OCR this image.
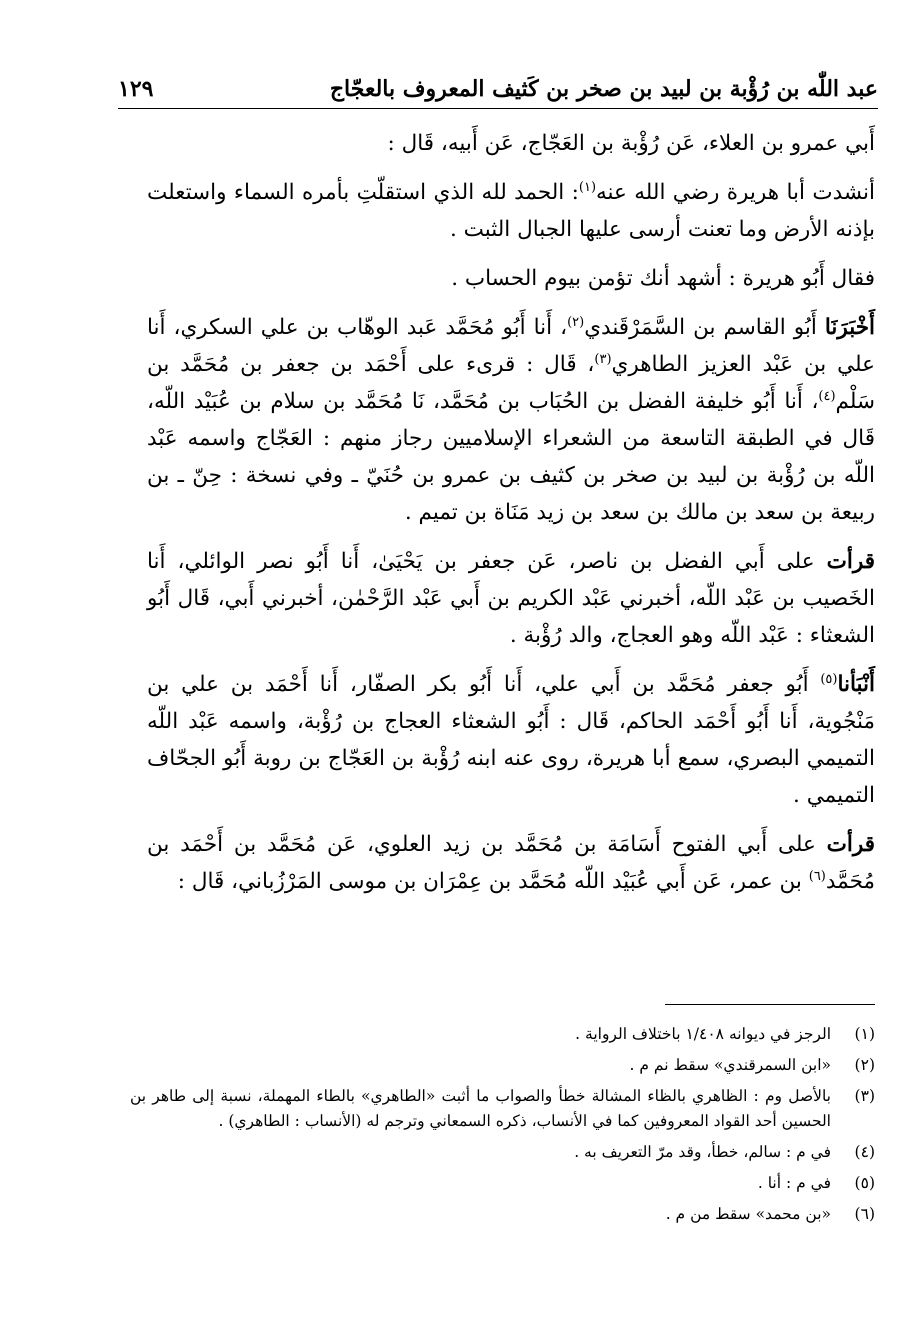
عبد اللّٰه بن رُؤْبة بن لبيد بن صخر بن كَثيف المعروف بالعجّاج
١٢٩

أَبي عمرو بن العلاء، عَن رُؤْبة بن العَجّاج، عَن أَبيه، قَال :

أنشدت أبا هريرة رضي الله عنه$^{(١)}$: الحمد لله الذي استقلّتِ بأمره السماء واستعلت بإذنه الأرض وما تعنت أرسى عليها الجبال الثبت .

فقال أَبُو هريرة : أشهد أنك تؤمن بيوم الحساب .

أَخْبَرَنَا أَبُو القاسم بن السَّمَرْقَندي$^{(٢)}$، أَنا أَبُو مُحَمَّد عَبد الوهّاب بن علي السكري، أَنا علي بن عَبْد العزيز الطاهري$^{(٣)}$، قَال : قرىء على أَحْمَد بن جعفر بن مُحَمَّد بن سَلْم$^{(٤)}$، أَنا أَبُو خليفة الفضل بن الحُبَاب بن مُحَمَّد، نَا مُحَمَّد بن سلام بن عُبَيْد اللّه، قَال في الطبقة التاسعة من الشعراء الإسلاميين رجاز منهم : العَجّاج واسمه عَبْد اللّه بن رُؤْبة بن لبيد بن صخر بن كثيف بن عمرو بن حُنَيّ ـ وفي نسخة : حِنّ ـ بن ربيعة بن سعد بن مالك بن سعد بن زيد مَنَاة بن تميم .

قرأت على أَبي الفضل بن ناصر، عَن جعفر بن يَحْيَىٰ، أَنا أَبُو نصر الوائلي، أَنا الخَصيب بن عَبْد اللّه، أخبرني عَبْد الكريم بن أَبي عَبْد الرَّحْمٰن، أخبرني أَبي، قَال أَبُو الشعثاء : عَبْد اللّه وهو العجاج، والد رُؤْبة .

أَنْبَأنا$^{(٥)}$ أَبُو جعفر مُحَمَّد بن أَبي علي، أَنا أَبُو بكر الصفّار، أَنا أَحْمَد بن علي بن مَنْجُوية، أَنا أَبُو أَحْمَد الحاكم، قَال : أَبُو الشعثاء العجاج بن رُؤْبة، واسمه عَبْد اللّه التميمي البصري، سمع أبا هريرة، روى عنه ابنه رُؤْبة بن العَجّاج بن روبة أَبُو الجحّاف التميمي .

قرأت على أَبي الفتوح أَسَامَة بن مُحَمَّد بن زيد العلوي، عَن مُحَمَّد بن أَحْمَد بن مُحَمَّد$^{(٦)}$ بن عمر، عَن أَبي عُبَيْد اللّه مُحَمَّد بن عِمْرَان بن موسى المَرْزُباني، قَال :

(١)
الرجز في ديوانه ١/٤٠٨ باختلاف الرواية .
(٢)
«ابن السمرقندي» سقط نم م .
(٣)
بالأصل وم : الظاهري بالظاء المشالة خطأ والصواب ما أثبت «الطاهري» بالطاء المهملة، نسبة إلى طاهر بن الحسين أحد القواد المعروفين كما في الأنساب، ذكره السمعاني وترجم له (الأنساب : الطاهري) .
(٤)
في م : سالم، خطأ، وقد مرّ التعريف به .
(٥)
في م : أنا .
(٦)
«بن محمد» سقط من م .
